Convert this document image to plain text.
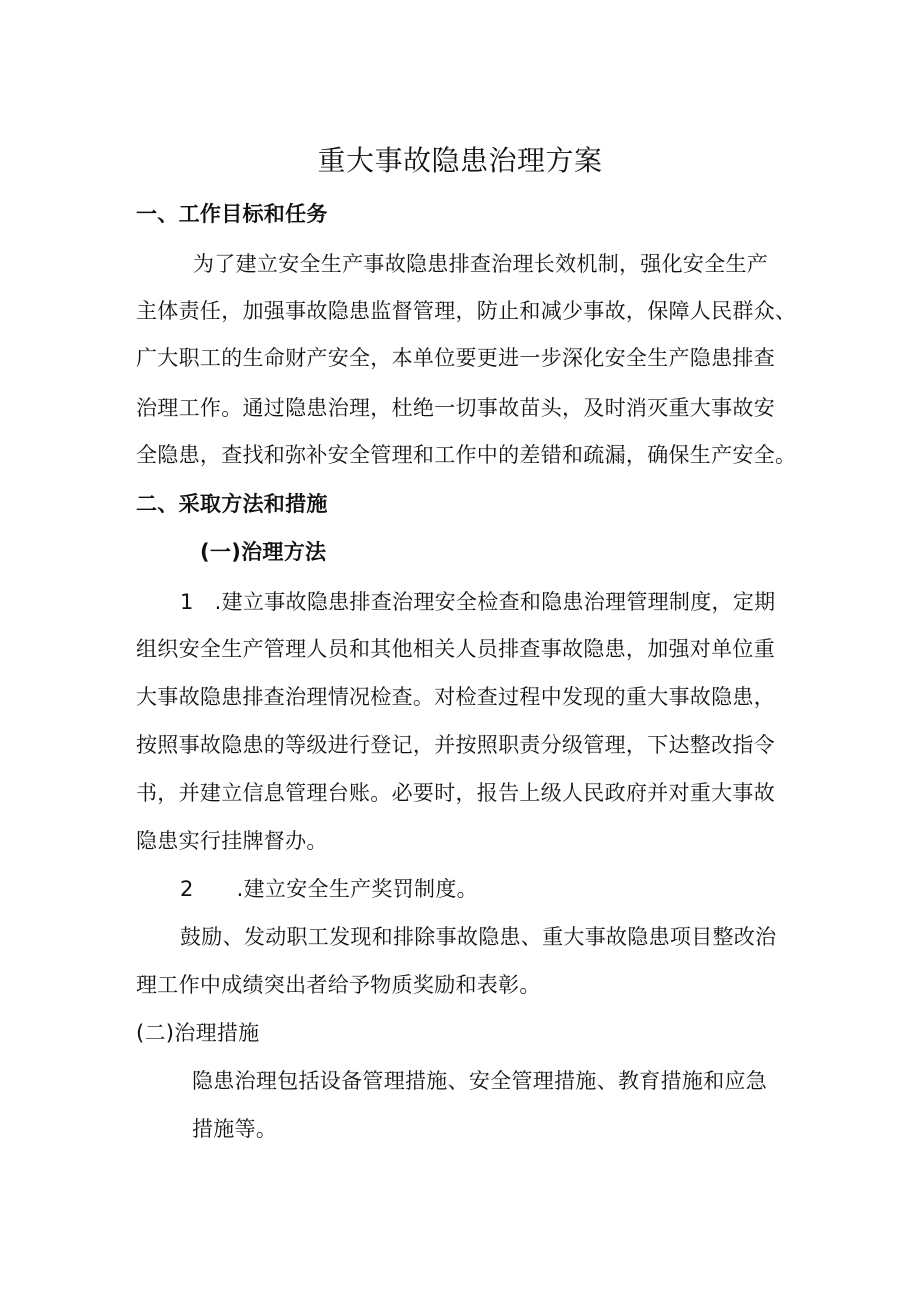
重大事故隐患治理方案
一、工作目标和任务
为了建立安全生产事故隐患排查治理长效机制，强化安全生产
主体责任，加强事故隐患监督管理，防止和减少事故，保障人民群众、
广大职工的生命财产安全，本单位要更进一步深化安全生产隐患排查
治理工作。通过隐患治理，杜绝一切事故苗头，及时消灭重大事故安
全隐患，查找和弥补安全管理和工作中的差错和疏漏，确保生产安全。
二、采取方法和措施
(一)治理方法
1 .建立事故隐患排查治理安全检查和隐患治理管理制度，定期
组织安全生产管理人员和其他相关人员排查事故隐患，加强对单位重
大事故隐患排查治理情况检查。对检查过程中发现的重大事故隐患，
按照事故隐患的等级进行登记，并按照职责分级管理，下达整改指令
书，并建立信息管理台账。必要时，报告上级人民政府并对重大事故
隐患实行挂牌督办。
2 .建立安全生产奖罚制度。
鼓励、发动职工发现和排除事故隐患、重大事故隐患项目整改治
理工作中成绩突出者给予物质奖励和表彰。
(二)治理措施
隐患治理包括设备管理措施、安全管理措施、教育措施和应急
措施等。
